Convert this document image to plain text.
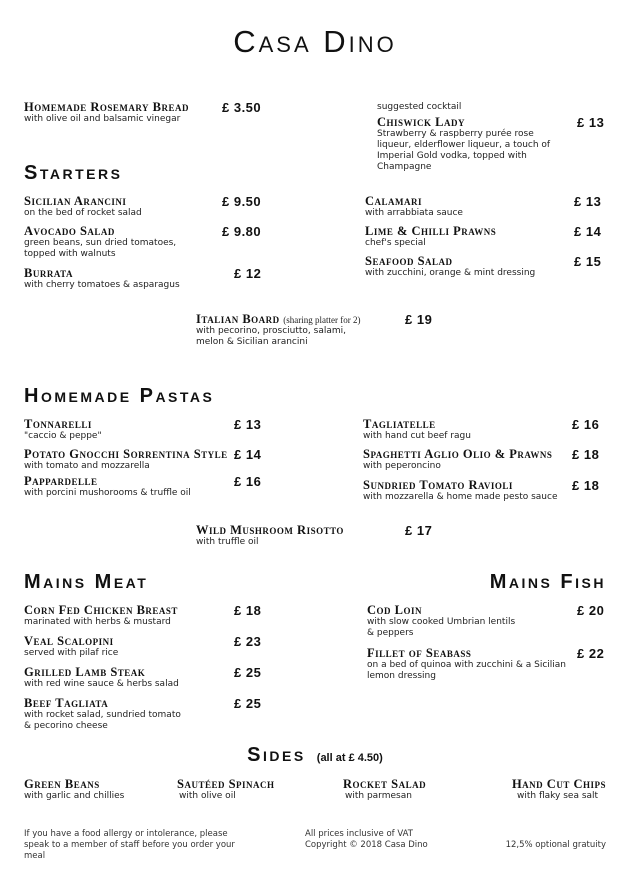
Casa Dino
Homemade Rosemary Bread
with olive oil and balsamic vinegar
£ 3.50	suggested cocktail
Chiswick Lady
Strawberry & raspberry purée rose liqueur, elderflower liqueur, a touch of Imperial Gold vodka, topped with Champagne
£ 13
Starters
Sicilian Arancini
on the bed of rocket salad
£ 9.50
Avocado Salad
green beans, sun dried tomatoes, topped with walnuts
£ 9.80
Burrata
with cherry tomatoes & asparagus
£ 12
Calamari
with arrabbiata sauce
£ 13
Lime & Chilli Prawns
chef's special
£ 14
Seafood Salad
with zucchini, orange & mint dressing
£ 15
Italian Board (sharing platter for 2)
with pecorino, prosciutto, salami, melon & Sicilian arancini
£ 19
Homemade Pastas
Tonnarelli
"caccio & peppe"
£ 13
Potato Gnocchi Sorrentina Style
with tomato and mozzarella
£ 14
Pappardelle
with porcini mushorooms & truffle oil
£ 16
Tagliatelle
with hand cut beef ragu
£ 16
Spaghetti Aglio Olio & Prawns
with peperoncino
£ 18
Sundried Tomato Ravioli
with mozzarella & home made pesto sauce
£ 18
Wild Mushroom Risotto
with truffle oil
£ 17
Mains Meat
Corn Fed Chicken Breast
marinated with herbs & mustard
£ 18
Veal Scalopini
served with pilaf rice
£ 23
Grilled Lamb Steak
with red wine sauce & herbs salad
£ 25
Beef Tagliata
with rocket salad, sundried tomato & pecorino cheese
£ 25
Mains Fish
Cod Loin
with slow cooked Umbrian lentils & peppers
£ 20
Fillet of Seabass
on a bed of quinoa with zucchini & a Sicilian lemon dressing
£ 22
Sides (all at £ 4.50)
Green Beans
with garlic and chillies
Sautéed Spinach
with olive oil
Rocket Salad
with parmesan
Hand Cut Chips
with flaky sea salt
If you have a food allergy or intolerance, please speak to a member of staff before you order your meal
All prices inclusive of VAT
Copyright © 2018 Casa Dino	12,5% optional gratuity
